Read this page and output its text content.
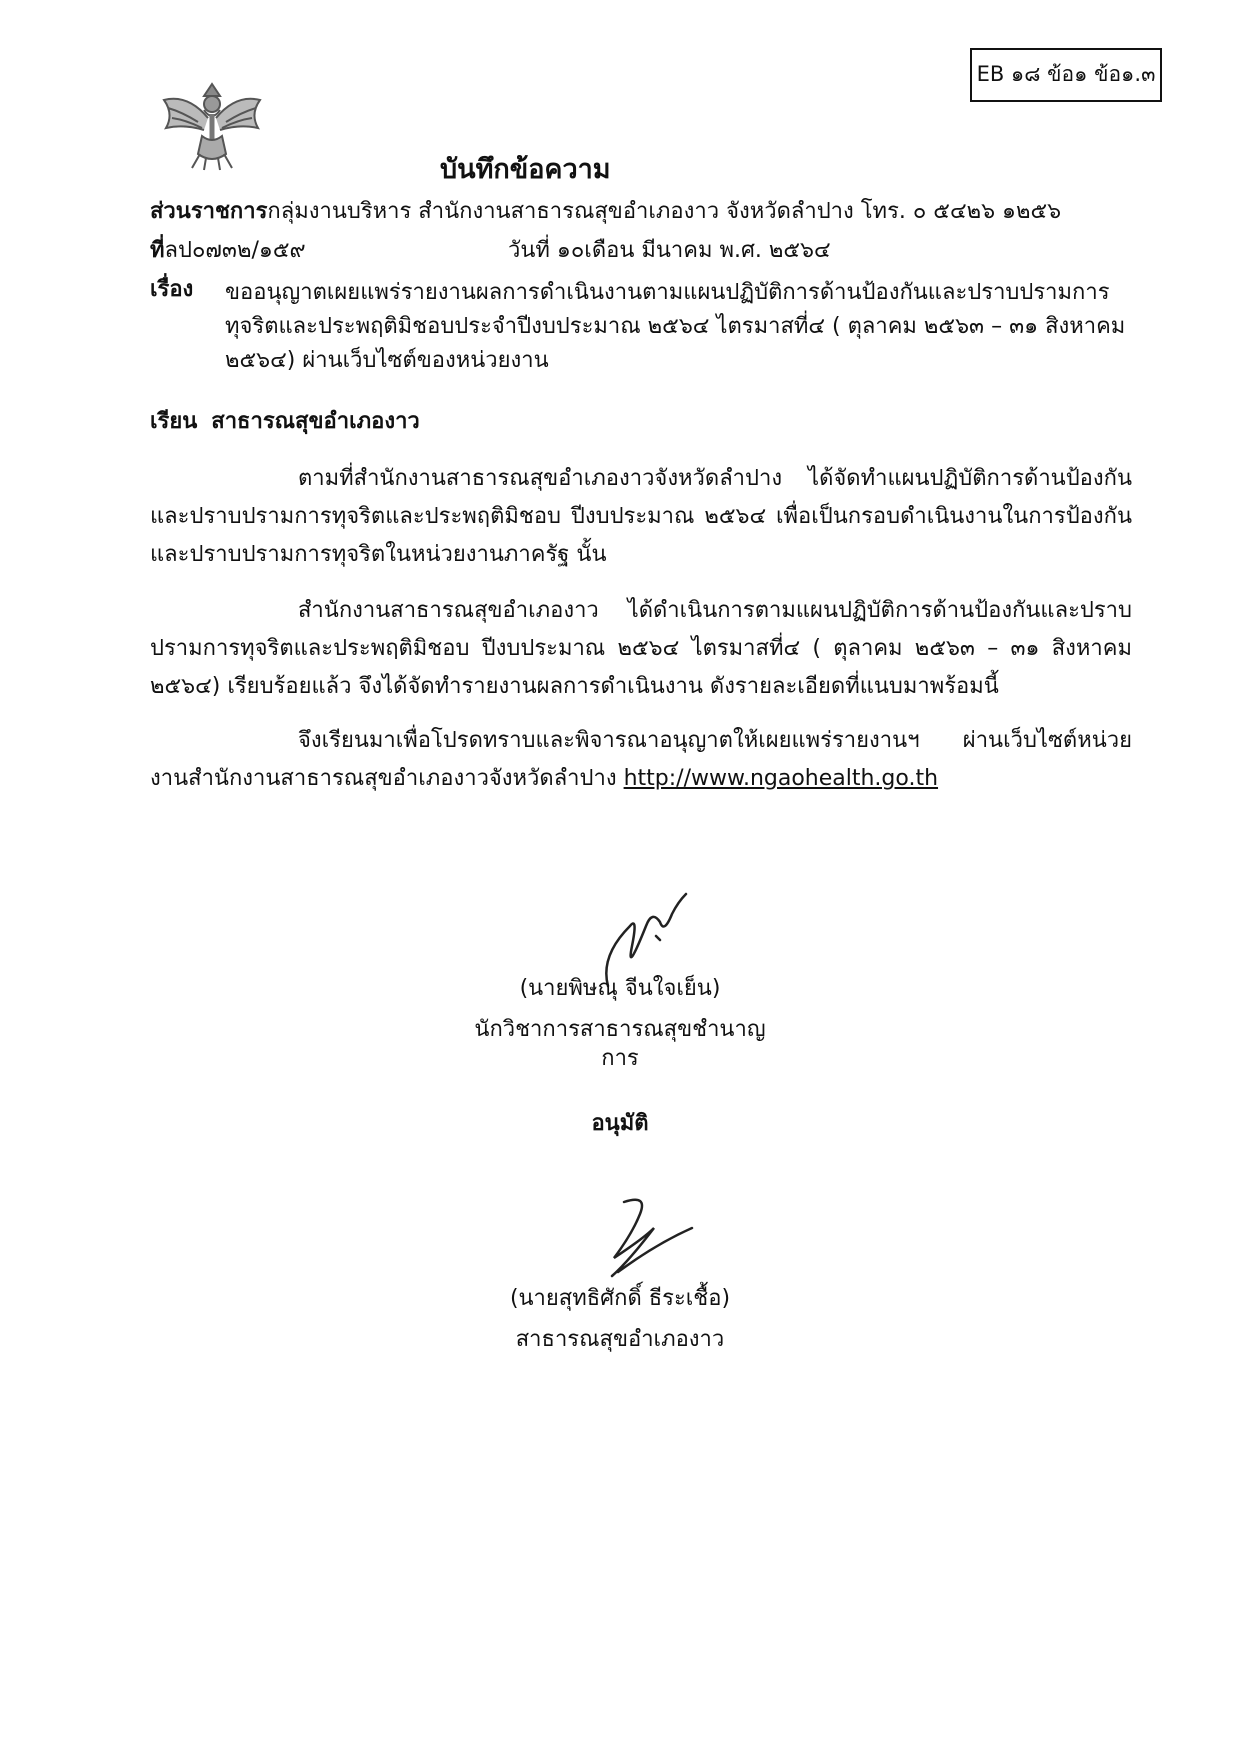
EB ๑๘ ข้อ๑ ข้อ๑.๓
บันทึกข้อความ
ส่วนราชการกลุ่มงานบริหาร สำนักงานสาธารณสุขอำเภองาว จังหวัดลำปาง โทร. ๐ ๕๔๒๖ ๑๒๕๖
ที่ลป๐๗๓๒/๑๕๙	วันที่ ๑๐เดือน มีนาคม พ.ศ. ๒๕๖๔
เรื่อง ขออนุญาตเผยแพร่รายงานผลการดำเนินงานตามแผนปฏิบัติการด้านป้องกันและปราบปรามการทุจริตและประพฤติมิชอบประจำปีงบประมาณ ๒๕๖๔ ไตรมาสที่๔ ( ตุลาคม ๒๕๖๓ – ๓๑ สิงหาคม ๒๕๖๔) ผ่านเว็บไซต์ของหน่วยงาน
เรียน สาธารณสุขอำเภองาว
ตามที่สำนักงานสาธารณสุขอำเภองาวจังหวัดลำปาง ได้จัดทำแผนปฏิบัติการด้านป้องกันและปราบปรามการทุจริตและประพฤติมิชอบ ปีงบประมาณ ๒๕๖๔ เพื่อเป็นกรอบดำเนินงานในการป้องกันและปราบปรามการทุจริตในหน่วยงานภาครัฐ นั้น
สำนักงานสาธารณสุขอำเภองาว ได้ดำเนินการตามแผนปฏิบัติการด้านป้องกันและปราบปรามการทุจริตและประพฤติมิชอบ ปีงบประมาณ ๒๕๖๔ ไตรมาสที่๔ ( ตุลาคม ๒๕๖๓ – ๓๑ สิงหาคม ๒๕๖๔) เรียบร้อยแล้ว จึงได้จัดทำรายงานผลการดำเนินงาน ดังรายละเอียดที่แนบมาพร้อมนี้
จึงเรียนมาเพื่อโปรดทราบและพิจารณาอนุญาตให้เผยแพร่รายงานฯ ผ่านเว็บไซต์หน่วยงานสำนักงานสาธารณสุขอำเภองาวจังหวัดลำปาง http://www.ngaohealth.go.th
(นายพิษณุ จีนใจเย็น)
นักวิชาการสาธารณสุขชำนาญการ
อนุมัติ
(นายสุทธิศักดิ์ ธีระเชื้อ)
สาธารณสุขอำเภองาว
